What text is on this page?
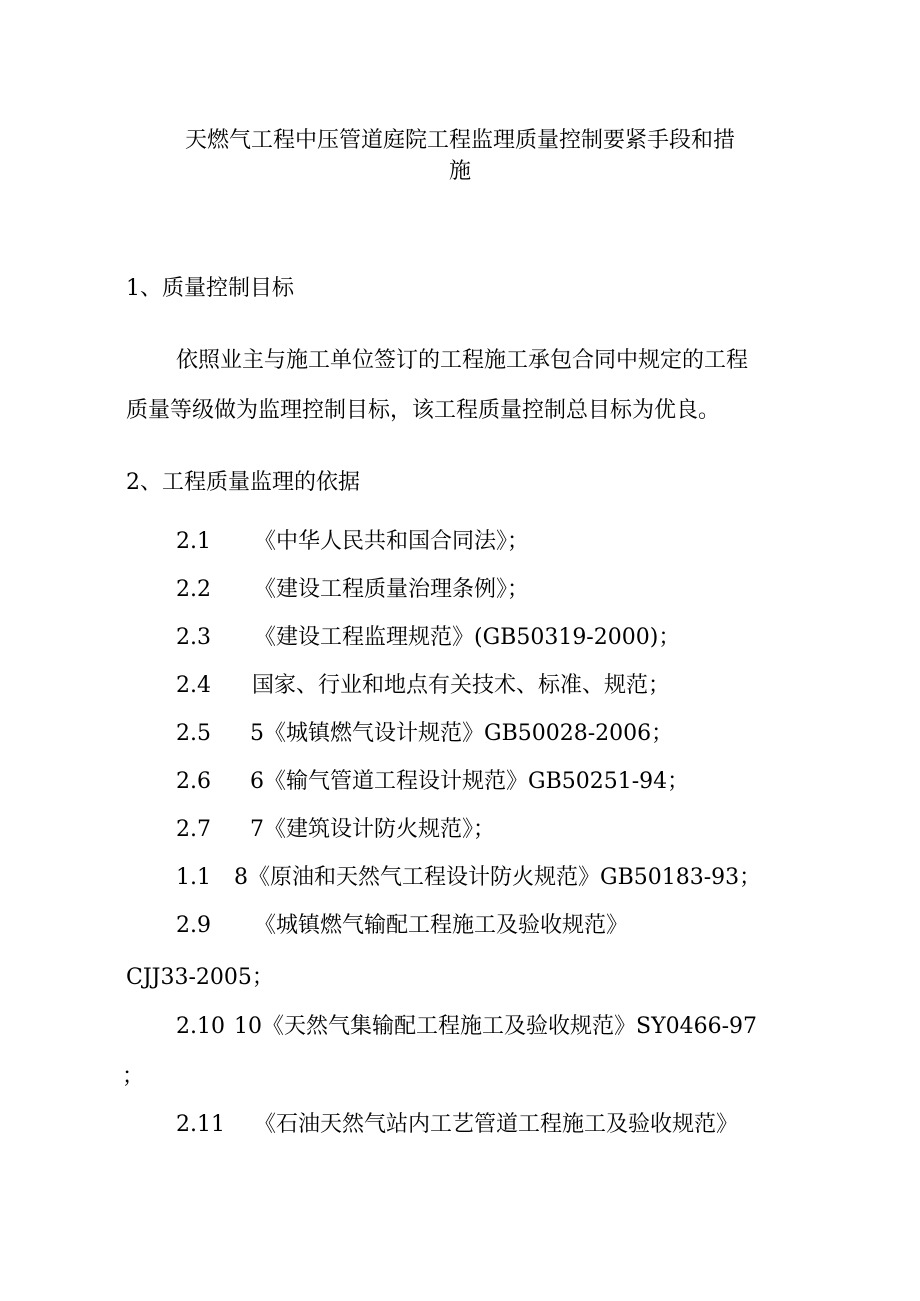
天燃气工程中压管道庭院工程监理质量控制要紧手段和措
施
1、质量控制目标
依照业主与施工单位签订的工程施工承包合同中规定的工程
质量等级做为监理控制目标，该工程质量控制总目标为优良。
2、工程质量监理的依据
2.1 《中华人民共和国合同法》；
2.2 《建设工程质量治理条例》；
2.3 《建设工程监理规范》(GB50319-2000)；
2.4 国家、行业和地点有关技术、标准、规范；
2.5 5《城镇燃气设计规范》GB50028-2006；
2.6 6《输气管道工程设计规范》GB50251-94；
2.7 7《建筑设计防火规范》；
1.1 8《原油和天然气工程设计防火规范》GB50183-93；
2.9 《城镇燃气输配工程施工及验收规范》
CJJ33-2005；
2.10 10《天然气集输配工程施工及验收规范》SY0466-97
；
2.11 《石油天然气站内工艺管道工程施工及验收规范》
